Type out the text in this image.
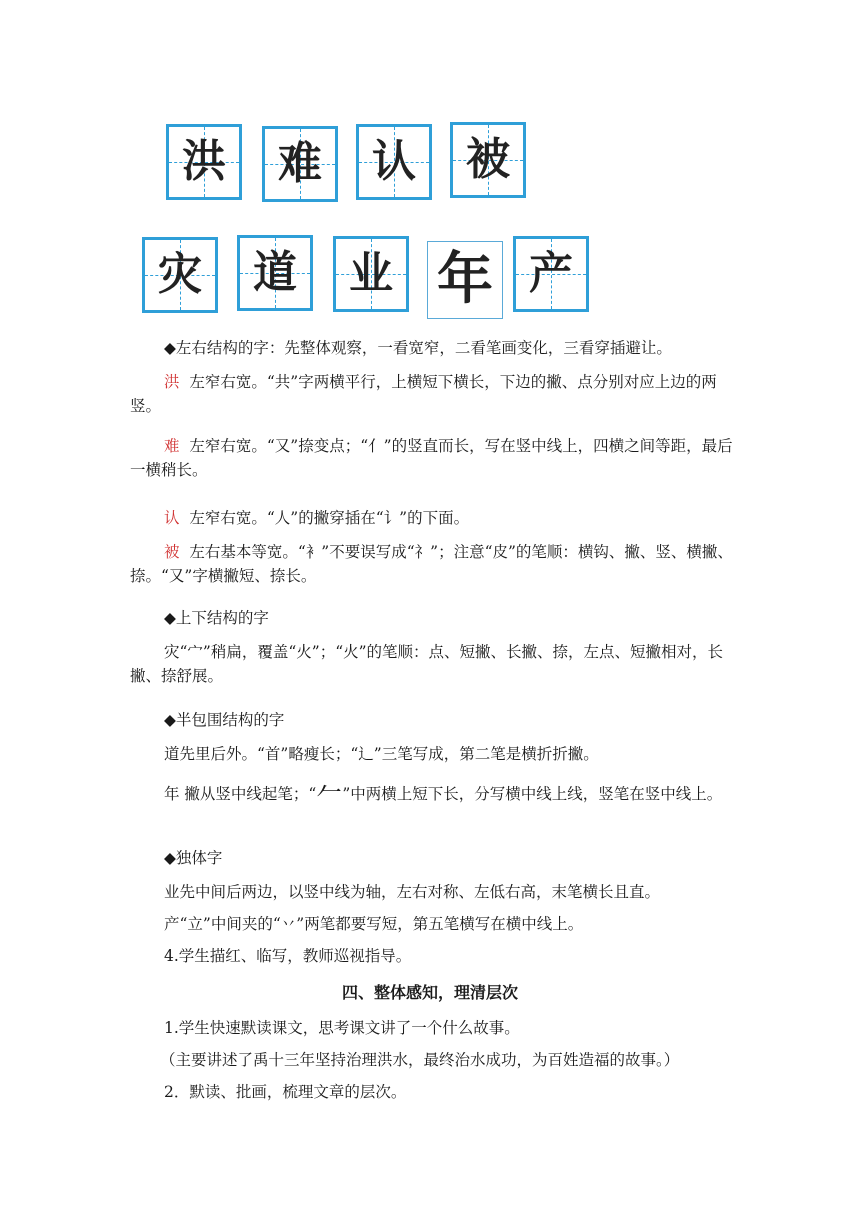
洪 难 认 被
灾 道 业 年 产
◆左右结构的字：先整体观察，一看宽窄，二看笔画变化，三看穿插避让。
洪 左窄右宽。“共”字两横平行，上横短下横长，下边的撇、点分别对应上边的两竖。
难 左窄右宽。“又”捺变点；“亻”的竖直而长，写在竖中线上，四横之间等距，最后一横稍长。
认 左窄右宽。“人”的撇穿插在“讠”的下面。
被 左右基本等宽。“衤”不要误写成“礻”；注意“皮”的笔顺：横钩、撇、竖、横撇、捺。“又”字横撇短、捺长。
◆上下结构的字
灾“宀”稍扁，覆盖“火”；“火”的笔顺：点、短撇、长撇、捺，左点、短撇相对，长撇、捺舒展。
◆半包围结构的字
道先里后外。“首”略瘦长；“辶”三笔写成，第二笔是横折折撇。
年 撇从竖中线起笔；“𠂉”中两横上短下长，分写横中线上线，竖笔在竖中线上。
◆独体字
业先中间后两边，以竖中线为轴，左右对称、左低右高，末笔横长且直。
产“立”中间夹的“丷”两笔都要写短，第五笔横写在横中线上。
4.学生描红、临写，教师巡视指导。
四、整体感知，理清层次
1.学生快速默读课文，思考课文讲了一个什么故事。
（主要讲述了禹十三年坚持治理洪水，最终治水成功，为百姓造福的故事。）
2．默读、批画，梳理文章的层次。
